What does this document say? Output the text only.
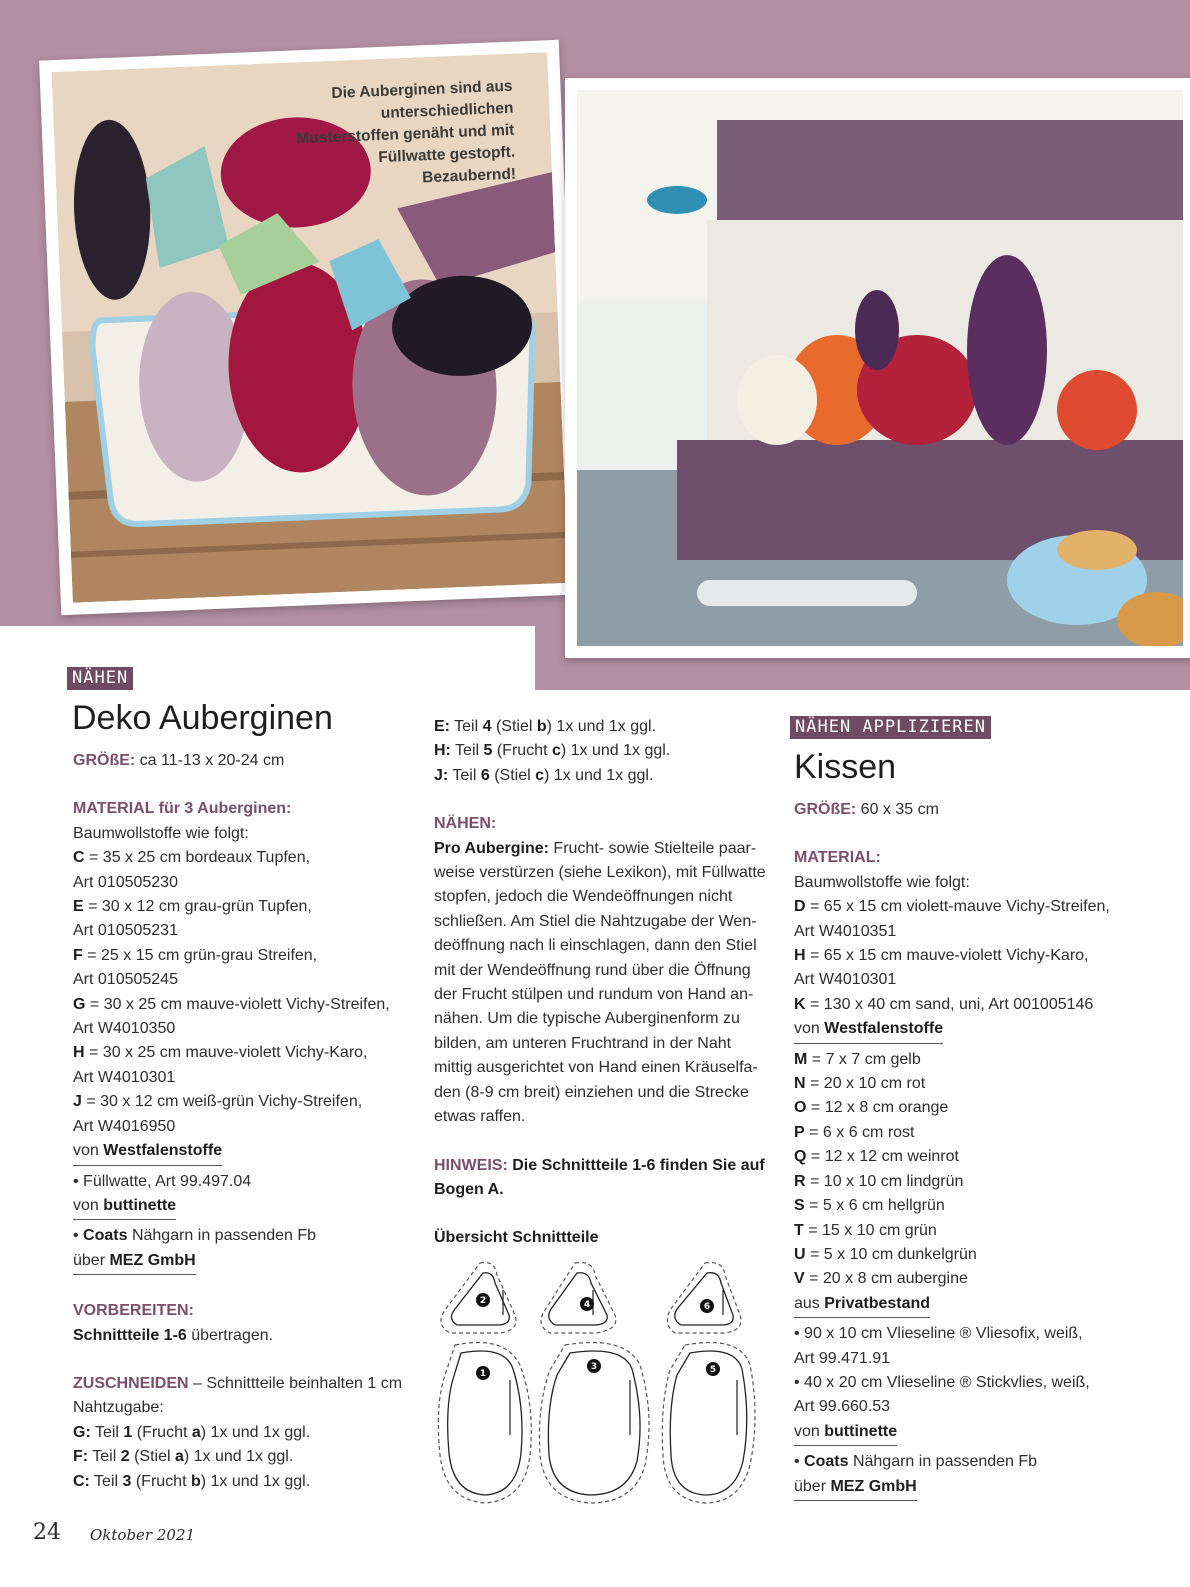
Die Auberginen sind aus unterschiedlichen Musterstoffen genäht und mit Füllwatte gestopft. Bezaubernd!
NÄHEN
Deko Auberginen

GRÖßE: ca 11-13 x 20-24 cm

MATERIAL für 3 Auberginen:

Baumwollstoffe wie folgt:

C = 35 x 25 cm bordeaux Tupfen,

Art 010505230

E = 30 x 12 cm grau-grün Tupfen,

Art 010505231

F = 25 x 15 cm grün-grau Streifen,

Art 010505245

G = 30 x 25 cm mauve-violett Vichy-Streifen,

Art W4010350

H = 30 x 25 cm mauve-violett Vichy-Karo,

Art W4010301

J = 30 x 12 cm weiß-grün Vichy-Streifen,

Art W4016950

von Westfalenstoffe

• Füllwatte, Art 99.497.04

von buttinette

• Coats Nähgarn in passenden Fb

über MEZ GmbH

VORBEREITEN:

Schnittteile 1-6 übertragen.

ZUSCHNEIDEN – Schnittteile beinhalten 1 cm

Nahtzugabe:

G: Teil 1 (Frucht a) 1x und 1x ggl.

F: Teil 2 (Stiel a) 1x und 1x ggl.

C: Teil 3 (Frucht b) 1x und 1x ggl.

E: Teil 4 (Stiel b) 1x und 1x ggl.

H: Teil 5 (Frucht c) 1x und 1x ggl.

J: Teil 6 (Stiel c) 1x und 1x ggl.

NÄHEN:

Pro Aubergine: Frucht- sowie Stielteile paar-

weise verstürzen (siehe Lexikon), mit Füllwatte

stopfen, jedoch die Wendeöffnungen nicht

schließen. Am Stiel die Nahtzugabe der Wen-

deöffnung nach li einschlagen, dann den Stiel

mit der Wendeöffnung rund über die Öffnung

der Frucht stülpen und rundum von Hand an-

nähen. Um die typische Auberginenform zu

bilden, am unteren Fruchtrand in der Naht

mittig ausgerichtet von Hand einen Kräuselfa-

den (8-9 cm breit) einziehen und die Strecke

etwas raffen.

HINWEIS: Die Schnittteile 1-6 finden Sie auf

Bogen A.

Übersicht Schnittteile

2	4	6
1
3	5
NÄHEN APPLIZIEREN
Kissen

GRÖßE: 60 x 35 cm

MATERIAL:

Baumwollstoffe wie folgt:

D = 65 x 15 cm violett-mauve Vichy-Streifen,

Art W4010351

H = 65 x 15 cm mauve-violett Vichy-Karo,

Art W4010301

K = 130 x 40 cm sand, uni, Art 001005146

von Westfalenstoffe

M = 7 x 7 cm gelb

N = 20 x 10 cm rot

O = 12 x 8 cm orange

P = 6 x 6 cm rost

Q = 12 x 12 cm weinrot

R = 10 x 10 cm lindgrün

S = 5 x 6 cm hellgrün

T = 15 x 10 cm grün

U = 5 x 10 cm dunkelgrün

V = 20 x 8 cm aubergine

aus Privatbestand

• 90 x 10 cm Vlieseline ® Vliesofix, weiß,

Art 99.471.91

• 40 x 20 cm Vlieseline ® Stickvlies, weiß,

Art 99.660.53

von buttinette

• Coats Nähgarn in passenden Fb

über MEZ GmbH

24 Oktober 2021
